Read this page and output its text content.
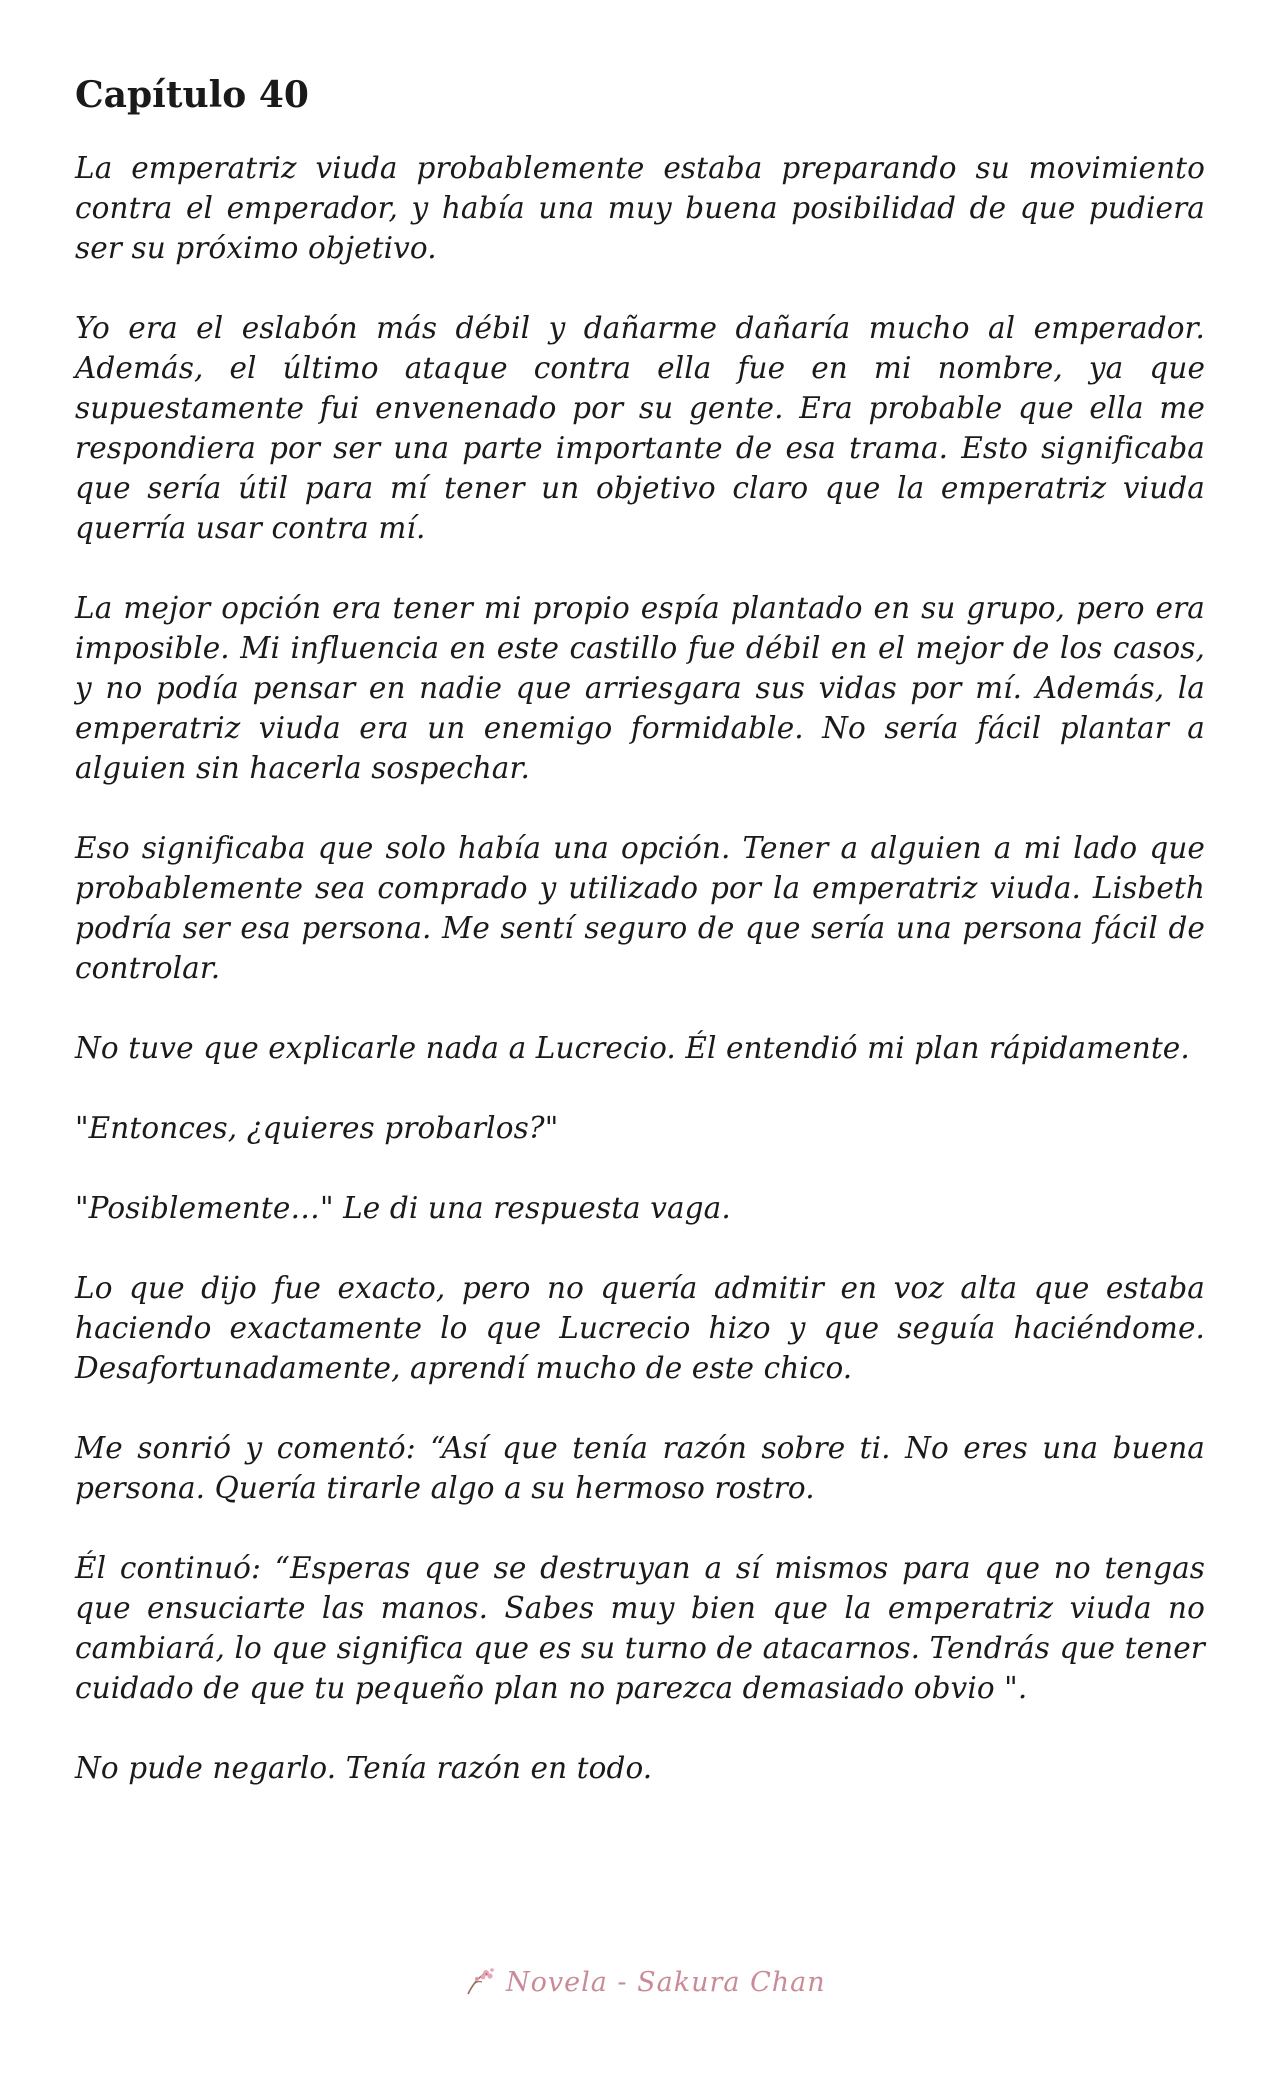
Capítulo 40

La emperatriz viuda probablemente estaba preparando su movimiento contra el emperador, y había una muy buena posibilidad de que pudiera ser su próximo objetivo.

Yo era el eslabón más débil y dañarme dañaría mucho al emperador. Además, el último ataque contra ella fue en mi nombre, ya que supuestamente fui envenenado por su gente. Era probable que ella me respondiera por ser una parte importante de esa trama. Esto significaba que sería útil para mí tener un objetivo claro que la emperatriz viuda querría usar contra mí.

La mejor opción era tener mi propio espía plantado en su grupo, pero era imposible. Mi influencia en este castillo fue débil en el mejor de los casos, y no podía pensar en nadie que arriesgara sus vidas por mí. Además, la emperatriz viuda era un enemigo formidable. No sería fácil plantar a alguien sin hacerla sospechar.

Eso significaba que solo había una opción. Tener a alguien a mi lado que probablemente sea comprado y utilizado por la emperatriz viuda. Lisbeth podría ser esa persona. Me sentí seguro de que sería una persona fácil de controlar.

No tuve que explicarle nada a Lucrecio. Él entendió mi plan rápidamente.

"Entonces, ¿quieres probarlos?"

"Posiblemente…" Le di una respuesta vaga.

Lo que dijo fue exacto, pero no quería admitir en voz alta que estaba haciendo exactamente lo que Lucrecio hizo y que seguía haciéndome. Desafortunadamente, aprendí mucho de este chico.

Me sonrió y comentó: “Así que tenía razón sobre ti. No eres una buena persona. Quería tirarle algo a su hermoso rostro.

Él continuó: “Esperas que se destruyan a sí mismos para que no tengas que ensuciarte las manos. Sabes muy bien que la emperatriz viuda no cambiará, lo que significa que es su turno de atacarnos. Tendrás que tener cuidado de que tu pequeño plan no parezca demasiado obvio ".

No pude negarlo. Tenía razón en todo.

Novela - Sakura Chan
